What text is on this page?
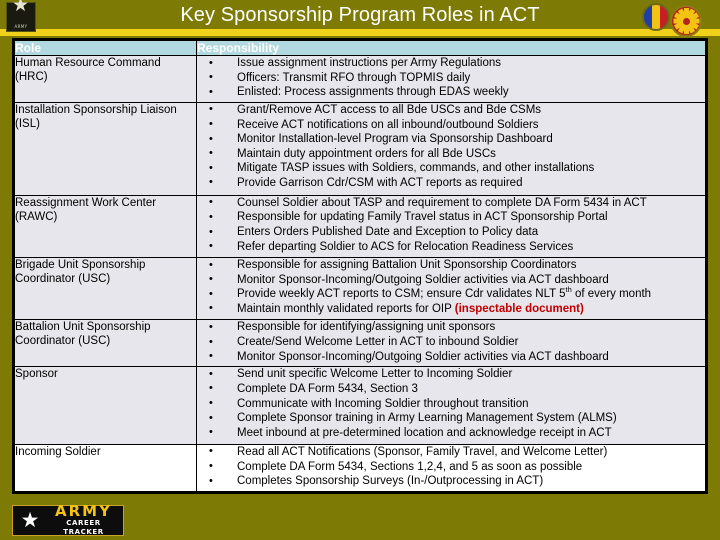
ARMY
Key Sponsorship Program Roles in ACT
Role	Responsibility
Human Resource Command (HRC)	
• Issue assignment instructions per Army Regulations
• Officers: Transmit RFO through TOPMIS daily
• Enlisted: Process assignments through EDAS weekly

Installation Sponsorship Liaison (ISL)	
• Grant/Remove ACT access to all Bde USCs and Bde CSMs
• Receive ACT notifications on all inbound/outbound Soldiers
• Monitor Installation-level Program via Sponsorship Dashboard
• Maintain duty appointment orders for all Bde USCs
• Mitigate TASP issues with Soldiers, commands, and other installations
• Provide Garrison Cdr/CSM with ACT reports as required

Reassignment Work Center (RAWC)	
• Counsel Soldier about TASP and requirement to complete DA Form 5434 in ACT
• Responsible for updating Family Travel status in ACT Sponsorship Portal
• Enters Orders Published Date and Exception to Policy data
• Refer departing Soldier to ACS for Relocation Readiness Services

Brigade Unit Sponsorship Coordinator (USC)	
• Responsible for assigning Battalion Unit Sponsorship Coordinators
• Monitor Sponsor-Incoming/Outgoing Soldier activities via ACT dashboard
• Provide weekly ACT reports to CSM; ensure Cdr validates NLT 5th of every month
• Maintain monthly validated reports for OIP (inspectable document)

Battalion Unit Sponsorship Coordinator (USC)	
• Responsible for identifying/assigning unit sponsors
• Create/Send Welcome Letter in ACT to inbound Soldier
• Monitor Sponsor-Incoming/Outgoing Soldier activities via ACT dashboard

Sponsor	
•Send unit specific Welcome Letter to Incoming Soldier
• Complete DA Form 5434, Section 3
• Communicate with Incoming Soldier throughout transition
• Complete Sponsor training in Army Learning Management System (ALMS)
• Meet inbound at pre-determined location and acknowledge receipt in ACT

Incoming Soldier	
•Read all ACT Notifications (Sponsor, Family Travel, and Welcome Letter)
• Complete DA Form 5434, Sections 1,2,4, and 5 as soon as possible
• Completes Sponsorship Surveys (In-/Outprocessing in ACT)
★	ARMY
CAREER TRACKER
